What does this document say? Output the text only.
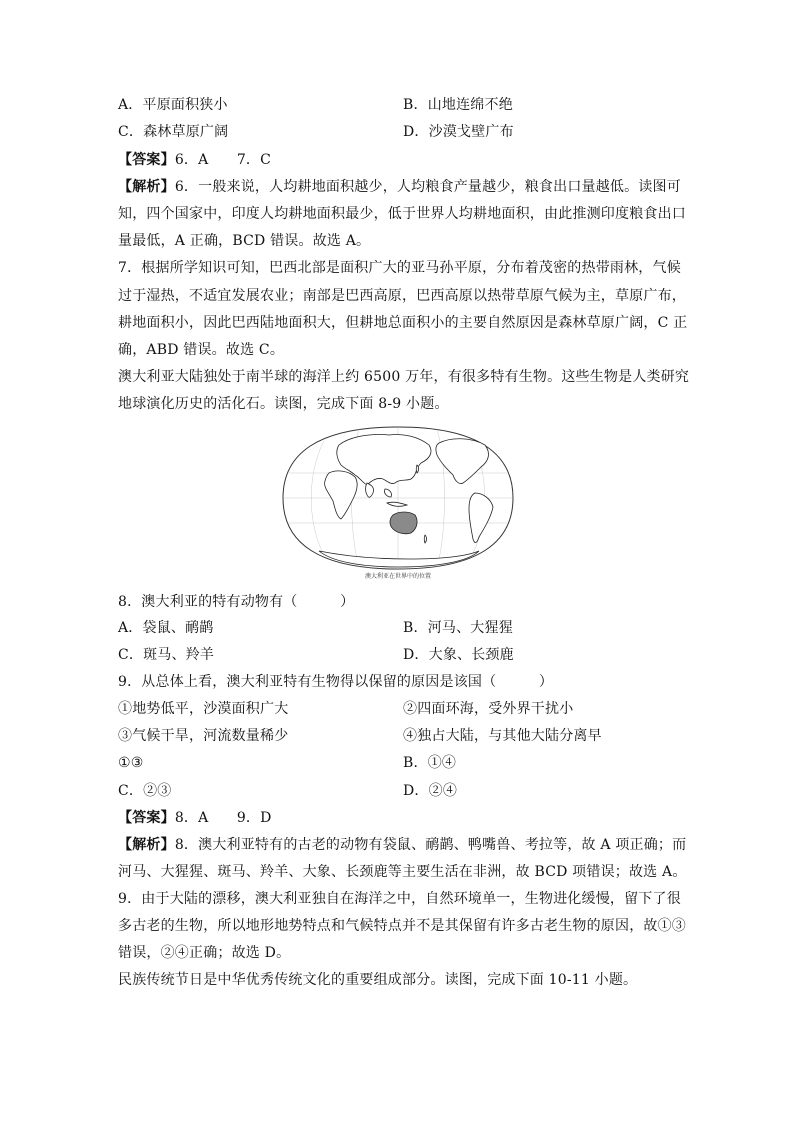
A．平原面积狭小	B．山地连绵不绝
C．森林草原广阔	D．沙漠戈壁广布
【答案】6．A　　7．C
【解析】6．一般来说，人均耕地面积越少，人均粮食产量越少，粮食出口量越低。读图可
知，四个国家中，印度人均耕地面积最少，低于世界人均耕地面积，由此推测印度粮食出口
量最低，A 正确，BCD 错误。故选 A。
7．根据所学知识可知，巴西北部是面积广大的亚马孙平原，分布着茂密的热带雨林，气候
过于湿热，不适宜发展农业；南部是巴西高原，巴西高原以热带草原气候为主，草原广布，
耕地面积小，因此巴西陆地面积大，但耕地总面积小的主要自然原因是森林草原广阔，C 正
确，ABD 错误。故选 C。
澳大利亚大陆独处于南半球的海洋上约 6500 万年，有很多特有生物。这些生物是人类研究
地球演化历史的活化石。读图，完成下面 8-9 小题。
澳大利亚在世界中的位置
8．澳大利亚的特有动物有（　　　）
A．袋鼠、鸸鹋	B．河马、大猩猩
C．斑马、羚羊	D．大象、长颈鹿
9．从总体上看，澳大利亚特有生物得以保留的原因是该国（　　　）
①地势低平，沙漠面积广大	②四面环海，受外界干扰小
③气候干旱，河流数量稀少	④独占大陆，与其他大陆分离早
①③	B．①④
C．②③	D．②④
【答案】8．A　　9．D
【解析】8．澳大利亚特有的古老的动物有袋鼠、鸸鹋、鸭嘴兽、考拉等，故 A 项正确；而
河马、大猩猩、斑马、羚羊、大象、长颈鹿等主要生活在非洲，故 BCD 项错误；故选 A。
9．由于大陆的漂移，澳大利亚独自在海洋之中，自然环境单一，生物进化缓慢，留下了很
多古老的生物，所以地形地势特点和气候特点并不是其保留有许多古老生物的原因，故①③
错误，②④正确；故选 D。
民族传统节日是中华优秀传统文化的重要组成部分。读图，完成下面 10-11 小题。
